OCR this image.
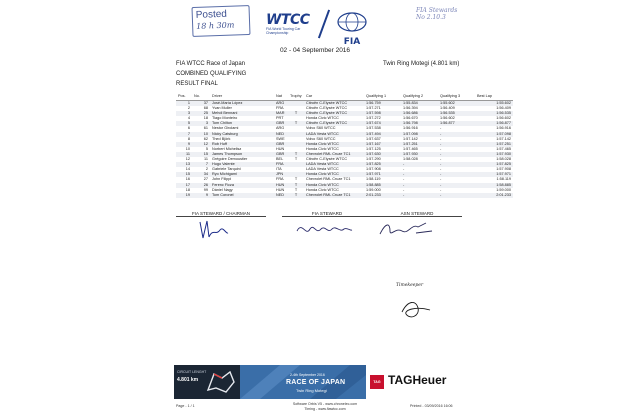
Posted
18 h 30m	WTCC
FIA World Touring Car Championship
FIA
FIA Stewards
No 2.10.3
02 - 04 September 2016
FIA WTCC Race of Japan
COMBINED QUALIFYING
RESULT FINAL
Twin Ring Motegi (4.801 km)
Pos.	No.	Driver	Nat	Trophy	Car	Qualifying 1	Qualifying 2	Qualifying 3	Best Lap
1	37	José-María López	ARG		Citroën C-Elysée WTCC	1:56.759	1:55.834	1:55.602	1:55.602
2	68	Yvan Muller	FRA		Citroën C-Elysée WTCC	1:57.271	1:56.394	1:56.409	1:56.409
3	25	Mehdi Bennani	MAR	T	Citroën C-Elysée WTCC	1:57.598	1:56.686	1:56.535	1:56.535
4	18	Tiago Monteiro	PRT		Honda Civic WTCC	1:57.272	1:56.670	1:56.602	1:56.602
5	3	Tom Chilton	GBR	T	Citroën C-Elysée WTCC	1:57.674	1:56.798	1:56.877	1:56.877
6	61	Nestor Girolami	ARG		Volvo S60 WTCC	1:57.538	1:56.916	-	1:56.916
7	10	Nicky Catsburg	NED		LADA Vesta WTCC	1:57.494	1:57.098	-	1:57.098
8	62	Thed Björk	SWE		Volvo S60 WTCC	1:57.637	1:57.142	-	1:57.142
9	12	Rob Huff	GBR		Honda Civic WTCC	1:57.167	1:57.251	-	1:57.251
10	5	Norbert Michelisz	HUN		Honda Civic WTCC	1:57.125	1:57.465	-	1:57.465
11	15	James Thompson	GBR	T	Chevrolet RML Cruze TC1	1:57.630	1:57.930	-	1:57.930
12	11	Grégoire Demoustier	BEL	T	Citroën C-Elysée WTCC	1:57.290	1:58.028	-	1:58.028
13	7	Hugo Valente	FRA		LADA Vesta WTCC	1:57.825	-	-	1:57.825
14	2	Gabriele Tarquini	ITA		LADA Vesta WTCC	1:57.908	-	-	1:57.908
15	34	Ryo Michigami	JPN		Honda Civic WTCC	1:57.971	-	-	1:57.971
16	27	John Filippi	FRA	T	Chevrolet RML Cruze TC1	1:58.119	-	-	1:58.119
17	26	Ferenc Ficza	HUN	T	Honda Civic WTCC	1:58.885	-	-	1:58.885
18	99	Dániel Nagy	HUN	T	Honda Civic WTCC	1:59.000	-	-	1:59.000
19	9	Tom Coronel	NED	T	Chevrolet RML Cruze TC1	2:01.233	-	-	2:01.233
FIA STEWARD / CHAIRMAN	FIA STEWARD	ASN STEWARD
Timekeeper
CIRCUIT LENGHT
4.801 km
2-4th September 2016
RACE OF JAPAN
Twin Ring Motegi
TAG TAGHeuer
Page - 1 / 1	Software Orbis V5 - www.chronelec.com
Timing - www.fiawtcc.com
Printed - 03/09/2016 16:06
